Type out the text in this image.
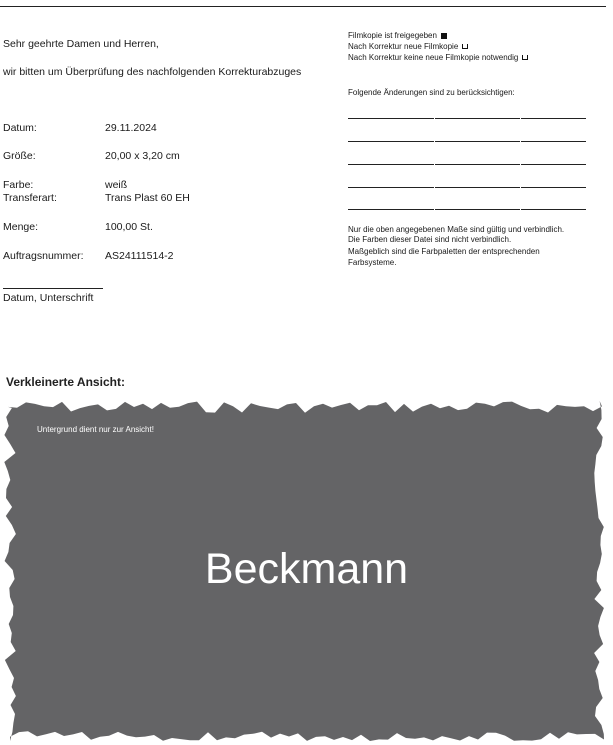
Sehr geehrte Damen und Herren,
wir bitten um Überprüfung des nachfolgenden Korrekturabzuges
Datum:	29.11.2024
Größe:	20,00 x 3,20 cm
Farbe:	weiß
Transferart:	Trans Plast 60 EH
Menge:	100,00 St.
Auftragsnummer: AS24111514-2
Datum, Unterschrift
Filmkopie ist freigegeben
Nach Korrektur neue Filmkopie
Nach Korrektur keine neue Filmkopie notwendig
Folgende Änderungen sind zu berücksichtigen:
Nur die oben angegebenen Maße sind gültig und verbindlich.
Die Farben dieser Datei sind nicht verbindlich.
Maßgeblich sind die Farbpaletten der entsprechenden
Farbsysteme.
Verkleinerte Ansicht:
Untergrund dient nur zur Ansicht!
Beckmann
